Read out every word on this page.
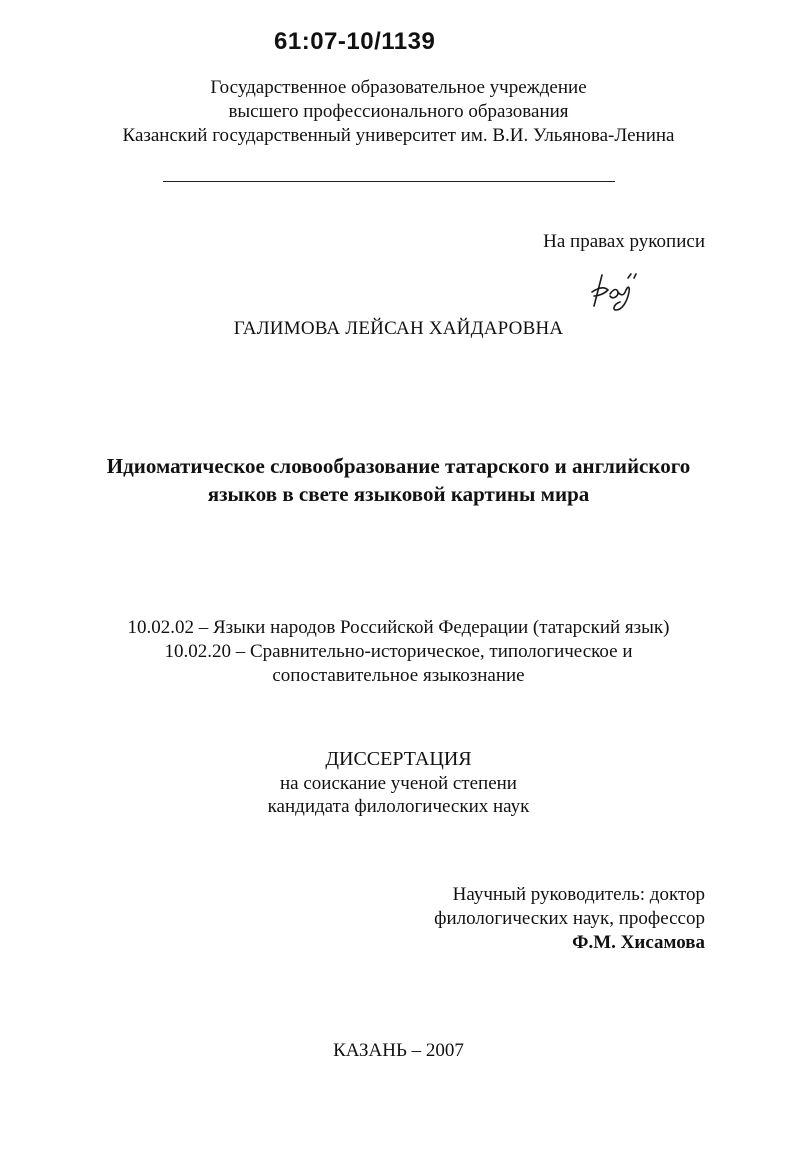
61:07-10/1139
Государственное образовательное учреждение
высшего профессионального образования
Казанский государственный университет им. В.И. Ульянова-Ленина
На правах рукописи
ГАЛИМОВА ЛЕЙСАН ХАЙДАРОВНА
Идиоматическое словообразование татарского и английского
языков в свете языковой картины мира
10.02.02 – Языки народов Российской Федерации (татарский язык)
10.02.20 – Сравнительно-историческое, типологическое и
сопоставительное языкознание
ДИССЕРТАЦИЯ
на соискание ученой степени
кандидата филологических наук
Научный руководитель: доктор
филологических наук, профессор
Ф.М. Хисамова
КАЗАНЬ – 2007
